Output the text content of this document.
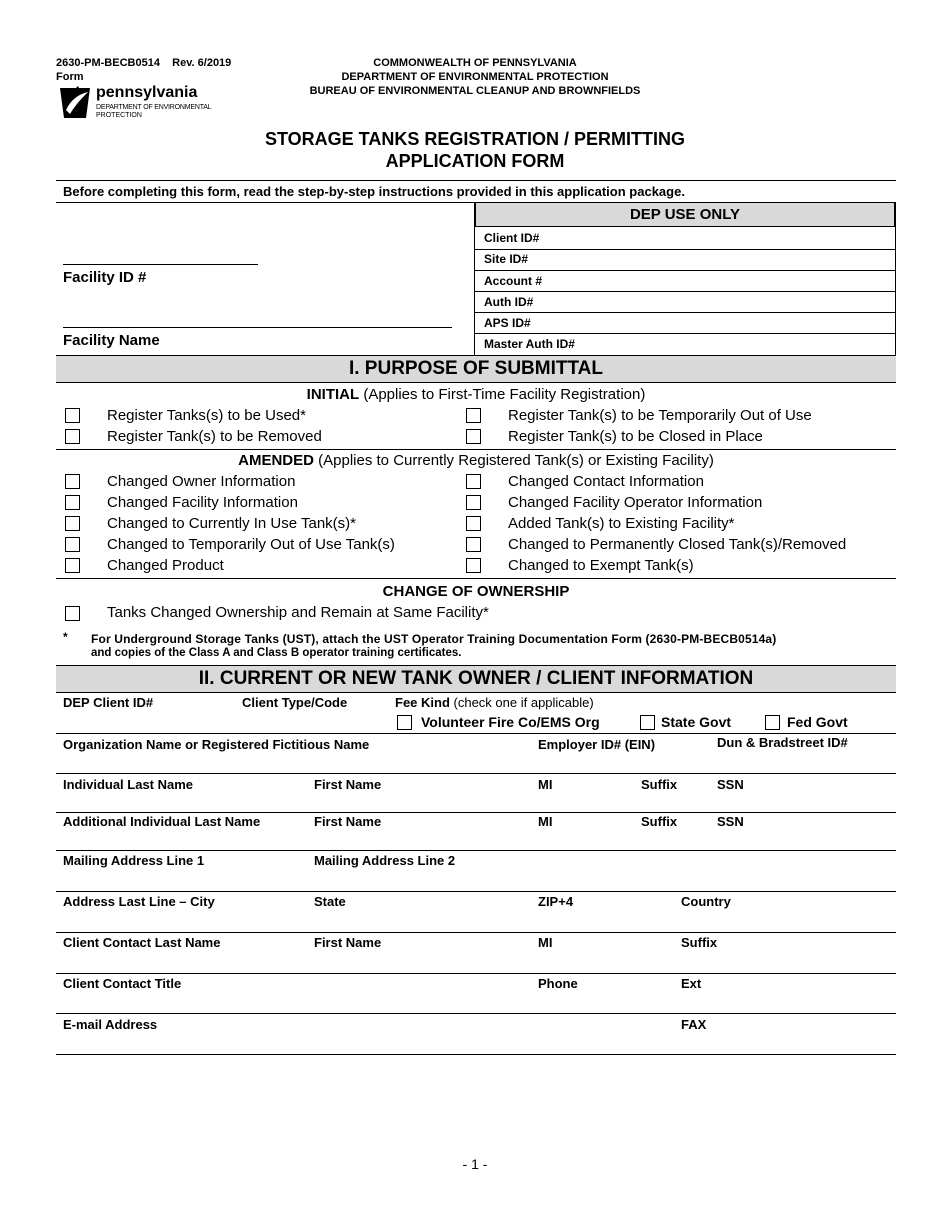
2630-PM-BECB0514 Rev. 6/2019
Form
COMMONWEALTH OF PENNSYLVANIA
DEPARTMENT OF ENVIRONMENTAL PROTECTION
BUREAU OF ENVIRONMENTAL CLEANUP AND BROWNFIELDS
pennsylvania
DEPARTMENT OF ENVIRONMENTAL
PROTECTION
STORAGE TANKS REGISTRATION / PERMITTING
APPLICATION FORM
Before completing this form, read the step-by-step instructions provided in this application package.
Facility ID #
Facility Name
DEP USE ONLY
Client ID#
Site ID#
Account #
Auth ID#
APS ID#
Master Auth ID#
I. PURPOSE OF SUBMITTAL
INITIAL (Applies to First-Time Facility Registration)
Register Tanks(s) to be Used*	Register Tank(s) to be Temporarily Out of Use
Register Tank(s) to be Removed	Register Tank(s) to be Closed in Place
AMENDED (Applies to Currently Registered Tank(s) or Existing Facility)
Changed Owner Information	Changed Contact Information
Changed Facility Information	Changed Facility Operator Information
Changed to Currently In Use Tank(s)*	Added Tank(s) to Existing Facility*
Changed to Temporarily Out of Use Tank(s)	Changed to Permanently Closed Tank(s)/Removed
Changed Product	Changed to Exempt Tank(s)
CHANGE OF OWNERSHIP
Tanks Changed Ownership and Remain at Same Facility*
* For Underground Storage Tanks (UST), attach the UST Operator Training Documentation Form (2630-PM-BECB0514a)
and copies of the Class A and Class B operator training certificates.
II. CURRENT OR NEW TANK OWNER / CLIENT INFORMATION
DEP Client ID#	Client Type/Code	Fee Kind (check one if applicable)
Volunteer Fire Co/EMS Org	State Govt	Fed Govt
Organization Name or Registered Fictitious Name	Employer ID# (EIN)	Dun & Bradstreet ID#
Individual Last Name	First Name	MI	Suffix	SSN
Additional Individual Last Name	First Name	MI	Suffix	SSN
Mailing Address Line 1	Mailing Address Line 2
Address Last Line – City	State	ZIP+4	Country
Client Contact Last Name	First Name	MI	Suffix
Client Contact Title	Phone	Ext
E-mail Address	FAX
- 1 -
